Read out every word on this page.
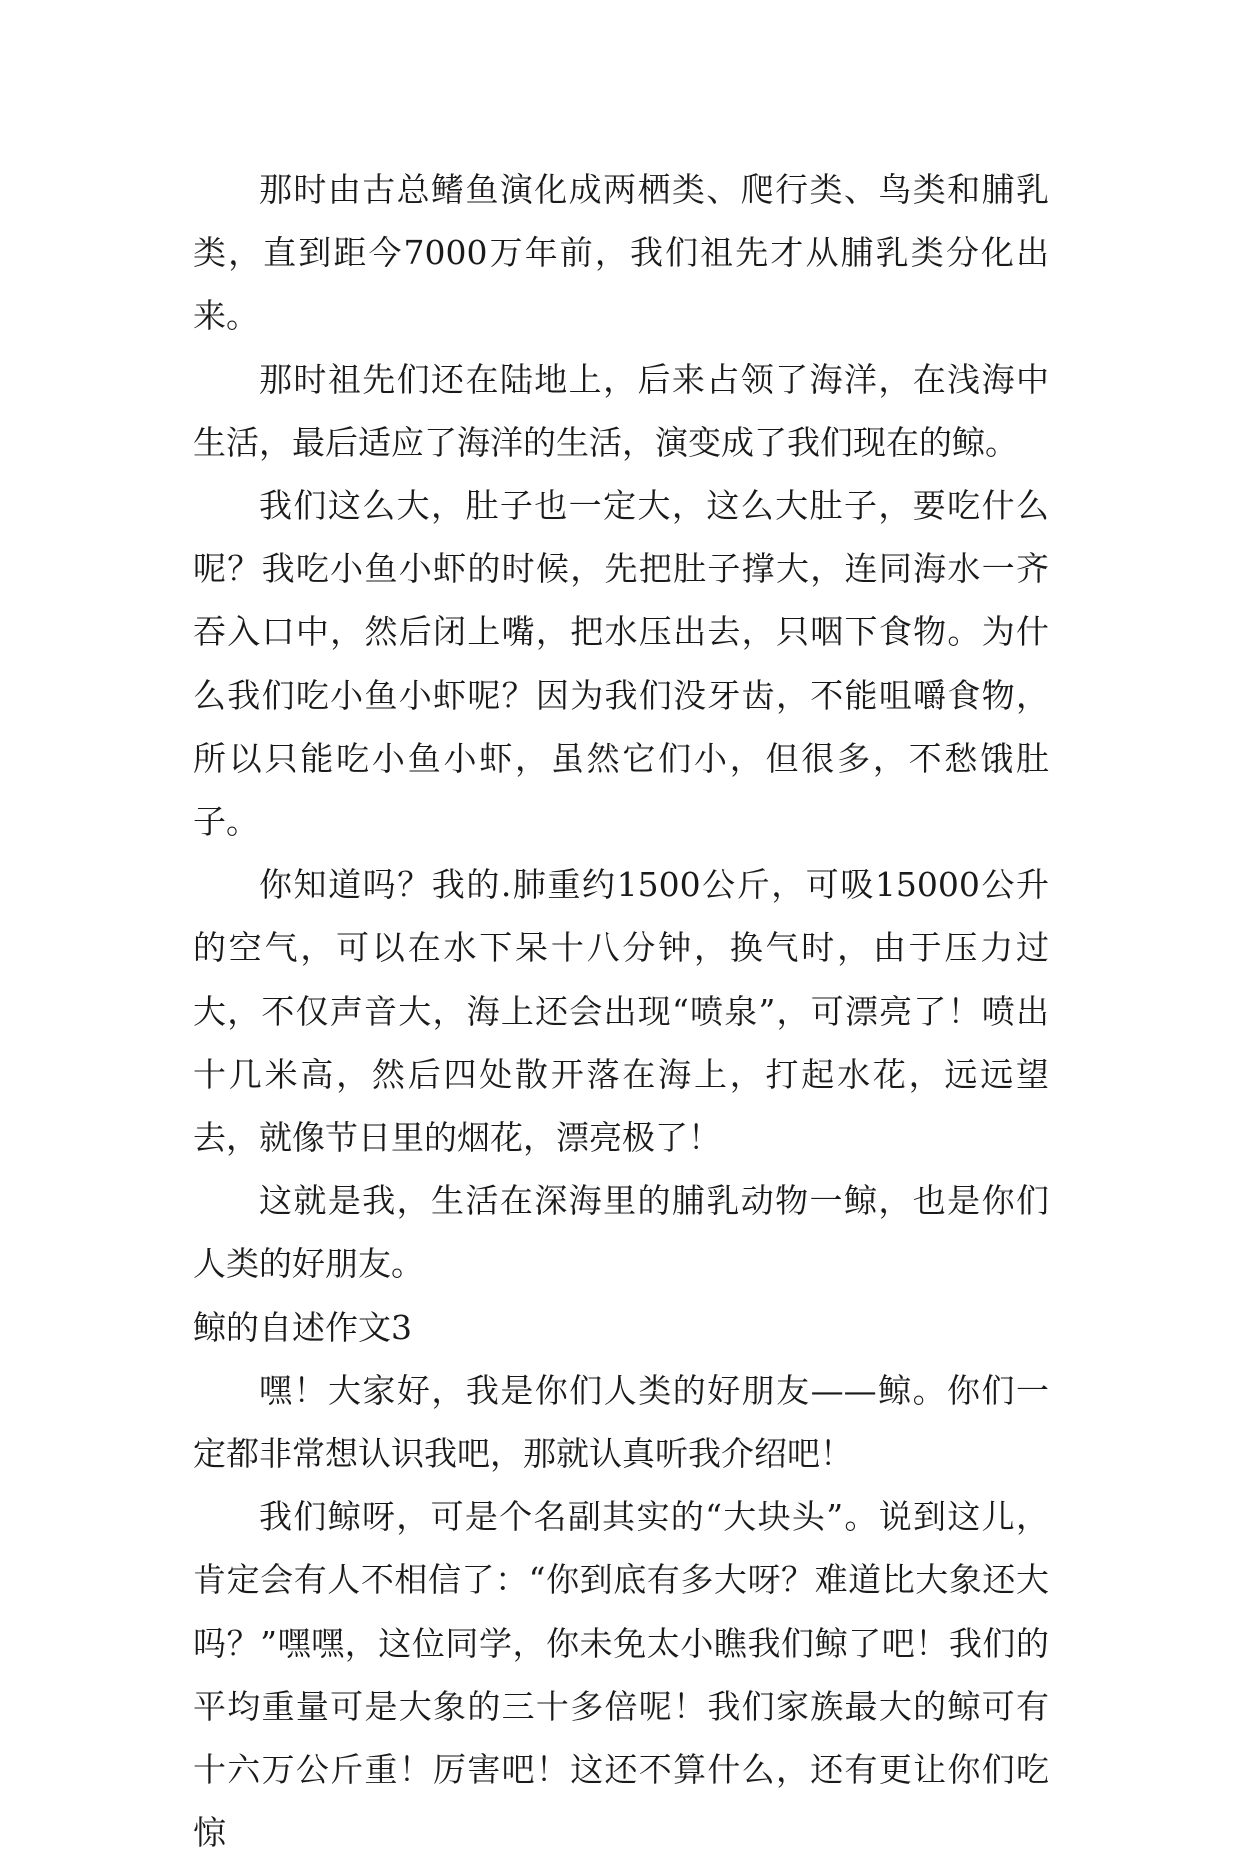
那时由古总鳍鱼演化成两栖类、爬行类、鸟类和脯乳类，直到距今7000万年前，我们祖先才从脯乳类分化出来。

那时祖先们还在陆地上，后来占领了海洋，在浅海中生活，最后适应了海洋的生活，演变成了我们现在的鲸。

我们这么大，肚子也一定大，这么大肚子，要吃什么呢？我吃小鱼小虾的时候，先把肚子撑大，连同海水一齐吞入口中，然后闭上嘴，把水压出去，只咽下食物。为什么我们吃小鱼小虾呢？因为我们没牙齿，不能咀嚼食物，所以只能吃小鱼小虾，虽然它们小，但很多，不愁饿肚子。

你知道吗？我的.肺重约1500公斤，可吸15000公升的空气，可以在水下呆十八分钟，换气时，由于压力过大，不仅声音大，海上还会出现“喷泉”，可漂亮了！喷出十几米高，然后四处散开落在海上，打起水花，远远望去，就像节日里的烟花，漂亮极了！

这就是我，生活在深海里的脯乳动物一鲸，也是你们人类的好朋友。

鲸的自述作文3

嘿！大家好，我是你们人类的好朋友——鲸。你们一定都非常想认识我吧，那就认真听我介绍吧！

我们鲸呀，可是个名副其实的“大块头”。说到这儿，肯定会有人不相信了：“你到底有多大呀？难道比大象还大吗？”嘿嘿，这位同学，你未免太小瞧我们鲸了吧！我们的平均重量可是大象的三十多倍呢！我们家族最大的鲸可有十六万公斤重！厉害吧！这还不算什么，还有更让你们吃惊
